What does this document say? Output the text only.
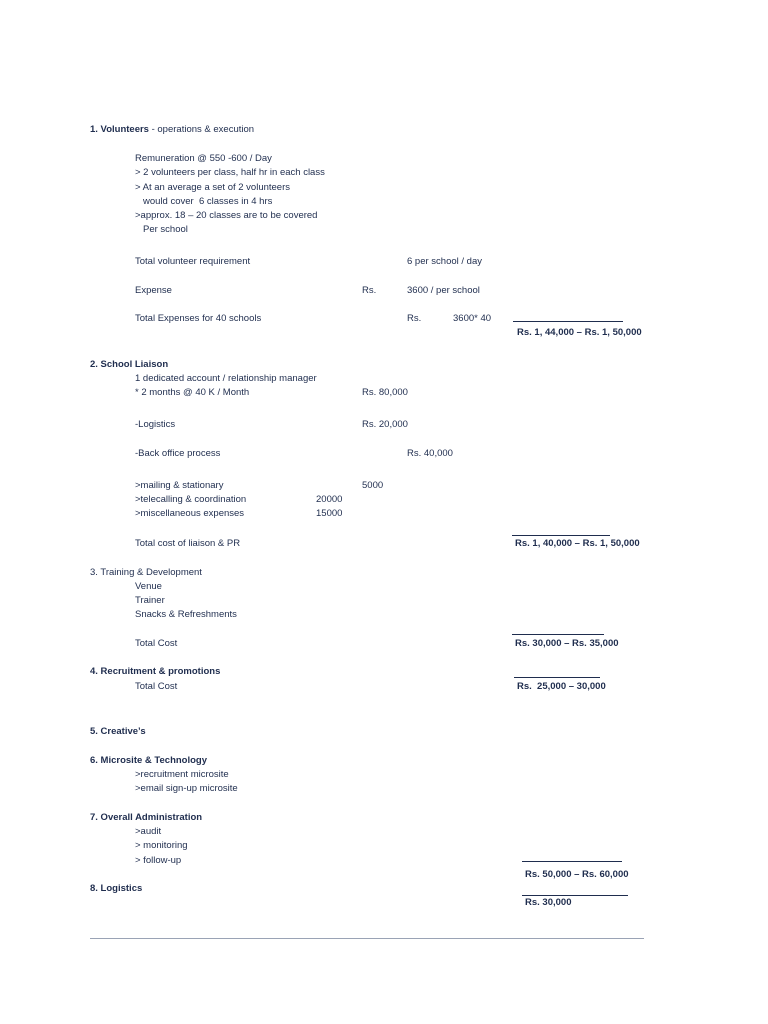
1. Volunteers - operations & execution
Remuneration @ 550 -600 / Day
> 2 volunteers per class, half hr in each class
> At an average a set of 2 volunteers
would cover  6 classes in 4 hrs
>approx. 18 – 20 classes are to be covered
Per school
Total volunteer requirement	6 per school / day
Expense	Rs.	3600 / per school
Total Expenses for 40 schools	Rs.	3600* 40
Rs. 1, 44,000 – Rs. 1, 50,000
2. School Liaison
1 dedicated account / relationship manager
* 2 months @ 40 K / Month	Rs. 80,000
-Logistics	Rs. 20,000
-Back office process	Rs. 40,000
>mailing & stationary	5000
>telecalling & coordination	20000
>miscellaneous expenses	15000
Total cost of liaison & PR	Rs. 1, 40,000 – Rs. 1, 50,000
3. Training & Development
Venue
Trainer
Snacks & Refreshments
Total Cost	Rs. 30,000 – Rs. 35,000
4. Recruitment & promotions
Total Cost	Rs.  25,000 – 30,000
5. Creative’s
6. Microsite & Technology
>recruitment microsite
>email sign-up microsite
7. Overall Administration
>audit
> monitoring
> follow-up
Rs. 50,000 – Rs. 60,000
8. Logistics
Rs. 30,000
